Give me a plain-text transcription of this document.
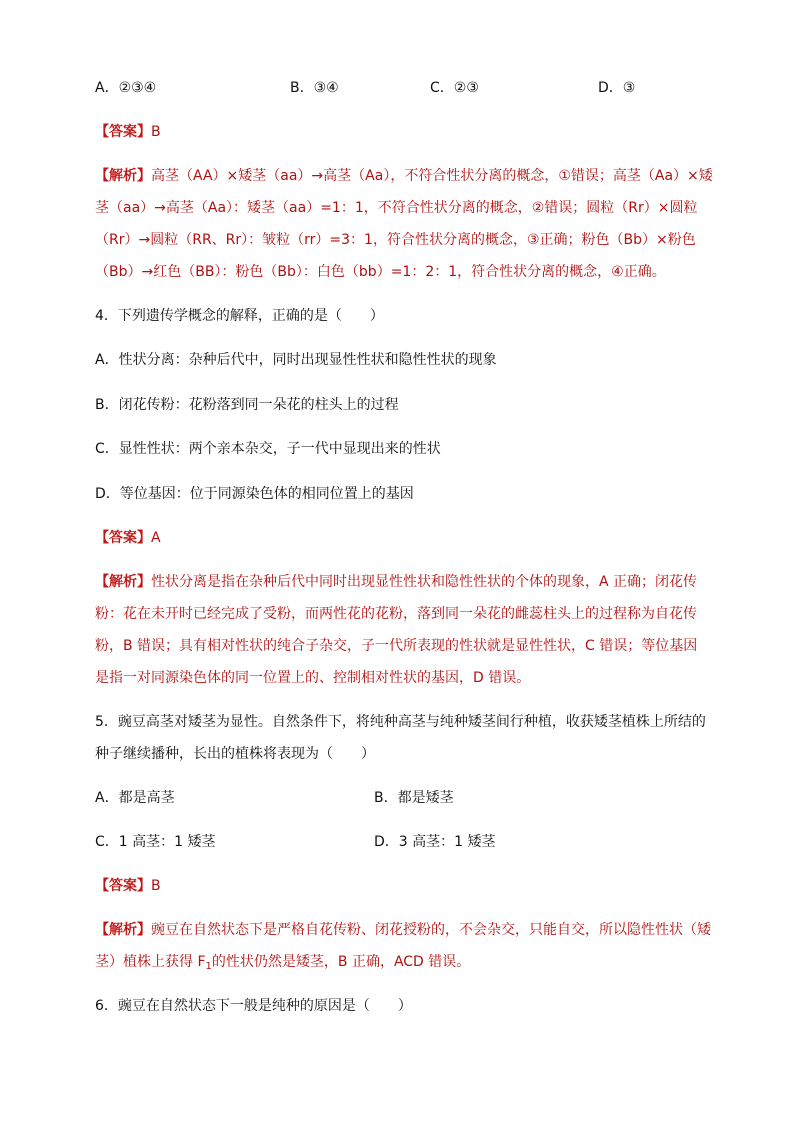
A．②③④	B．③④	C．②③	D．③
【答案】B
【解析】高茎（AA）×矮茎（aa）→高茎（Aa），不符合性状分离的概念，①错误；高茎（Aa）×矮
茎（aa）→高茎（Aa）：矮茎（aa）=1：1，不符合性状分离的概念，②错误；圆粒（Rr）×圆粒
（Rr）→圆粒（RR、Rr）：皱粒（rr）=3：1，符合性状分离的概念，③正确；粉色（Bb）×粉色
（Bb）→红色（BB）：粉色（Bb）：白色（bb）=1：2：1，符合性状分离的概念，④正确。
4．下列遗传学概念的解释，正确的是（　　）
A．性状分离：杂种后代中，同时出现显性性状和隐性性状的现象
B．闭花传粉：花粉落到同一朵花的柱头上的过程
C．显性性状：两个亲本杂交，子一代中显现出来的性状
D．等位基因：位于同源染色体的相同位置上的基因
【答案】A
【解析】性状分离是指在杂种后代中同时出现显性性状和隐性性状的个体的现象，A 正确；闭花传
粉：花在未开时已经完成了受粉，而两性花的花粉，落到同一朵花的雌蕊柱头上的过程称为自花传
粉，B 错误；具有相对性状的纯合子杂交，子一代所表现的性状就是显性性状，C 错误；等位基因
是指一对同源染色体的同一位置上的、控制相对性状的基因，D 错误。
5．豌豆高茎对矮茎为显性。自然条件下，将纯种高茎与纯种矮茎间行种植，收获矮茎植株上所结的
种子继续播种，长出的植株将表现为（　　）
A．都是高茎	B．都是矮茎
C．1 高茎：1 矮茎	D．3 高茎：1 矮茎
【答案】B
【解析】豌豆在自然状态下是严格自花传粉、闭花授粉的，不会杂交，只能自交，所以隐性性状（矮
茎）植株上获得 $F_1$的性状仍然是矮茎，B 正确，ACD 错误。
6．豌豆在自然状态下一般是纯种的原因是（　　）
